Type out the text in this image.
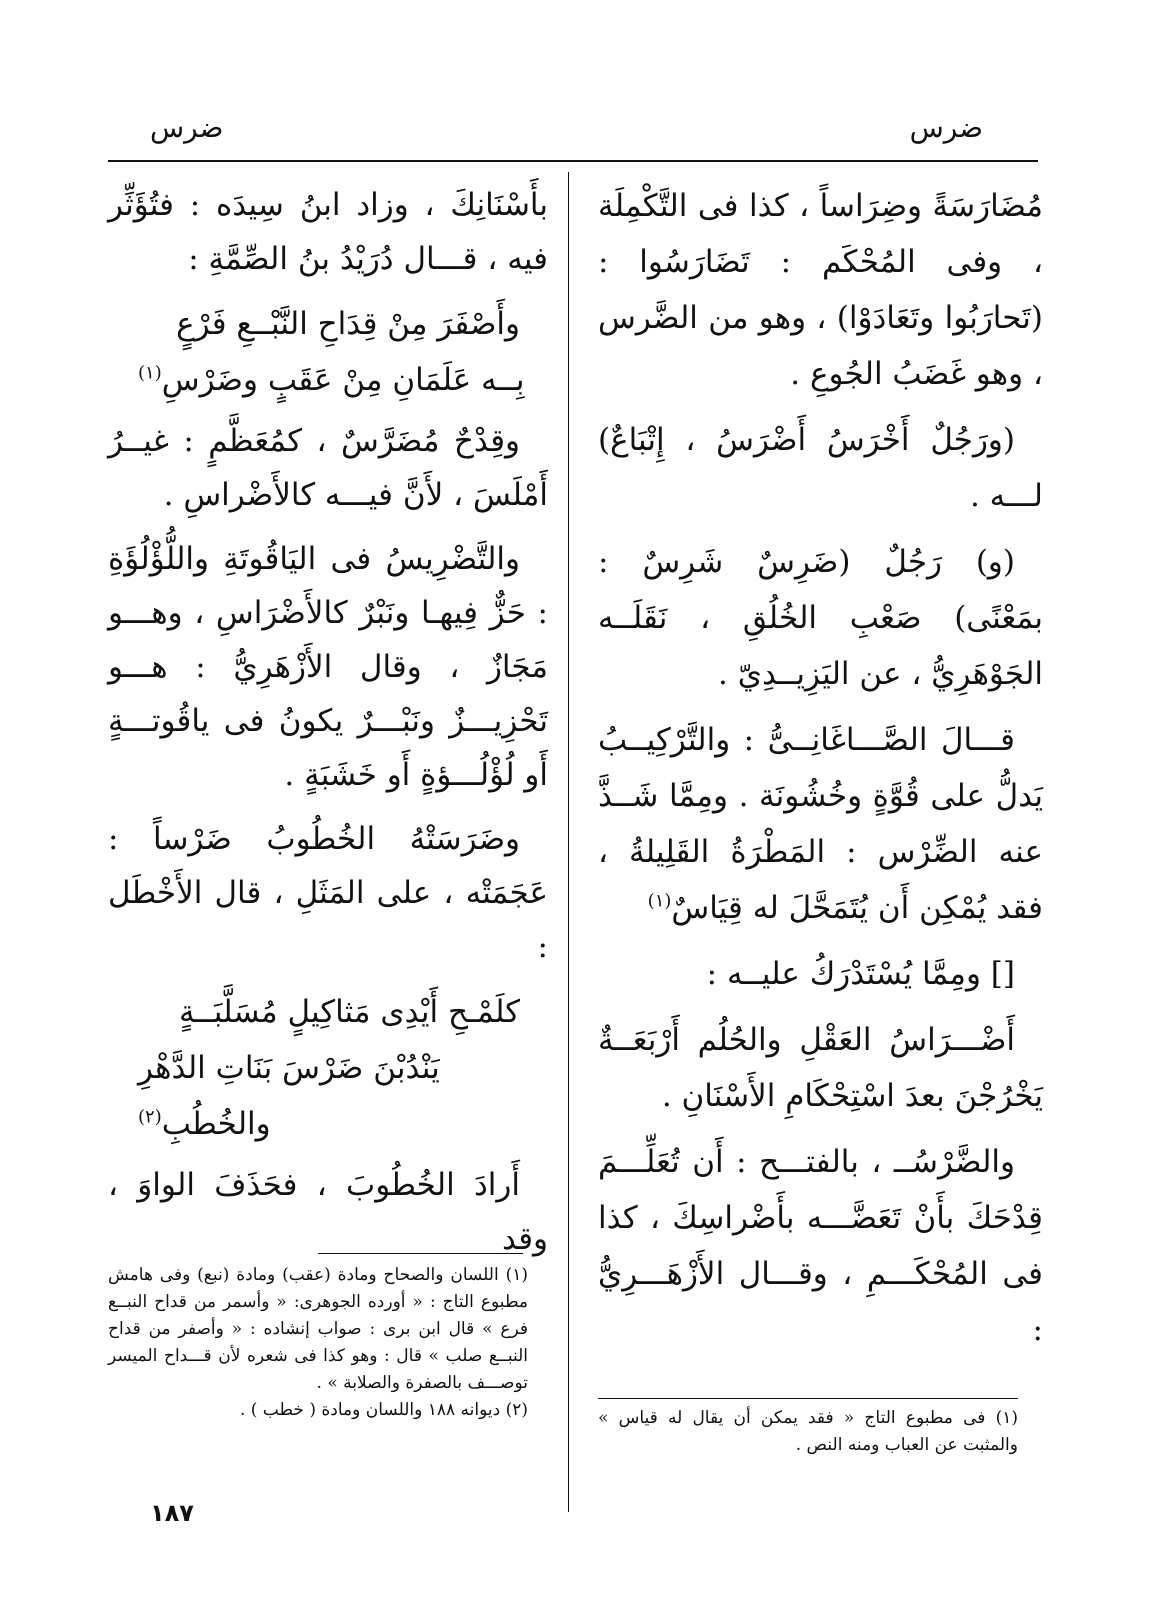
ضرس
ضرس

مُضَارَسَةً وضِرَاساً ، كذا فى التَّكْمِلَة ، وفى المُحْكَم : تَضَارَسُوا : (تَحارَبُوا وتَعَادَوْا) ، وهو من الضَّرس ، وهو غَضَبُ الجُوعِ .

(ورَجُلٌ أَخْرَسُ أَضْرَسُ ، إِتْبَاعٌ) لـــه .

(و) رَجُلٌ (ضَرِسٌ شَرِسٌ : بمَعْنًى) صَعْبِ الخُلُقِ ، نَقَلَــه الجَوْهَرِيُّ ، عن اليَزِيــدِيّ .

قـــالَ الصَّـــاغَانِــىُّ : والتَّرْكِيــبُ يَدلُّ على قُوَّةٍ وخُشُونَة . ومِمَّا شَــذَّ عنه الضِّرْس : المَطْرَةُ القَلِيلةُ ، فقد يُمْكِن أَن يُتَمَحَّلَ له قِيَاسٌ$^{(١)}$

[] ومِمَّا يُسْتَدْرَكُ عليــه :

أَضْـــرَاسُ العَقْلِ والحُلُم أَرْبَعَــةٌ يَخْرُجْنَ بعدَ اسْتِحْكَامِ الأَسْنَانِ .

والضَّرْسُــ ، بالفتـــح : أَن تُعَلِّـــمَ قِدْحَكَ بأَنْ تَعَضَّـــه بأَضْراسِكَ ، كذا فى المُحْكَـــمِ ، وقـــال الأَزْهَـــرِيُّ :

بأَسْنَانِكَ ، وزاد ابنُ سِيدَه : فتُؤَثِّر فيه ، قـــال دُرَيْدُ بنُ الصِّمَّةِ :

وأَصْفَرَ مِنْ قِدَاحِ النَّبْــعِ فَرْعٍ
بِــه عَلَمَانِ مِنْ عَقَبٍ وضَرْسِ$^{(١)}$

وقِدْحٌ مُضَرَّسٌ ، كمُعَظَّمٍ : غيــرُ أَمْلَسَ ، لأَنَّ فيـــه كالأَضْراسِ .

والتَّضْرِيسُ فى اليَاقُوتَةِ واللُّؤْلُؤَةِ : حَزٌّ فِيهـا ونَبْرٌ كالأَضْرَاسِ ، وهـــو مَجَازٌ ، وقال الأَزْهَرِيُّ : هـــو تَحْزِيـــزٌ ونَبْـــرٌ يكونُ فى ياقُوتـــةٍ أَو لُؤْلُـــؤةٍ أَو خَشَبَةٍ .

وضَرَسَتْهُ الخُطُوبُ ضَرْساً : عَجَمَتْه ، على المَثَلِ ، قال الأَخْطَل :

كلَمْـحِ أَيْدِى مَثاكِيلٍ مُسَلَّبَــةٍ
يَنْدُبْنَ ضَرْسَ بَنَاتِ الدَّهْرِ والخُطُبِ$^{(٢)}$

أَرادَ الخُطُوبَ ، فحَذَفَ الواوَ ، وقد

(١) فى مطبوع التاج « فقد يمكن أن يقال له قياس » والمثبت عن العباب ومنه النص .

(١) اللسان والصحاح ومادة (عقب) ومادة (نبع) وفى هامش مطبوع التاج : « أورده الجوهرى: « وأسمر من قداح النبــع فرع » قال ابن برى : صواب إنشاده : « وأصفر من قداح النبــع صلب » قال : وهو كذا فى شعره لأن قـــداح الميسر توصـــف بالصفرة والصلابة » .

(٢) ديوانه ١٨٨ واللسان ومادة ( خطب ) .

١٨٧
